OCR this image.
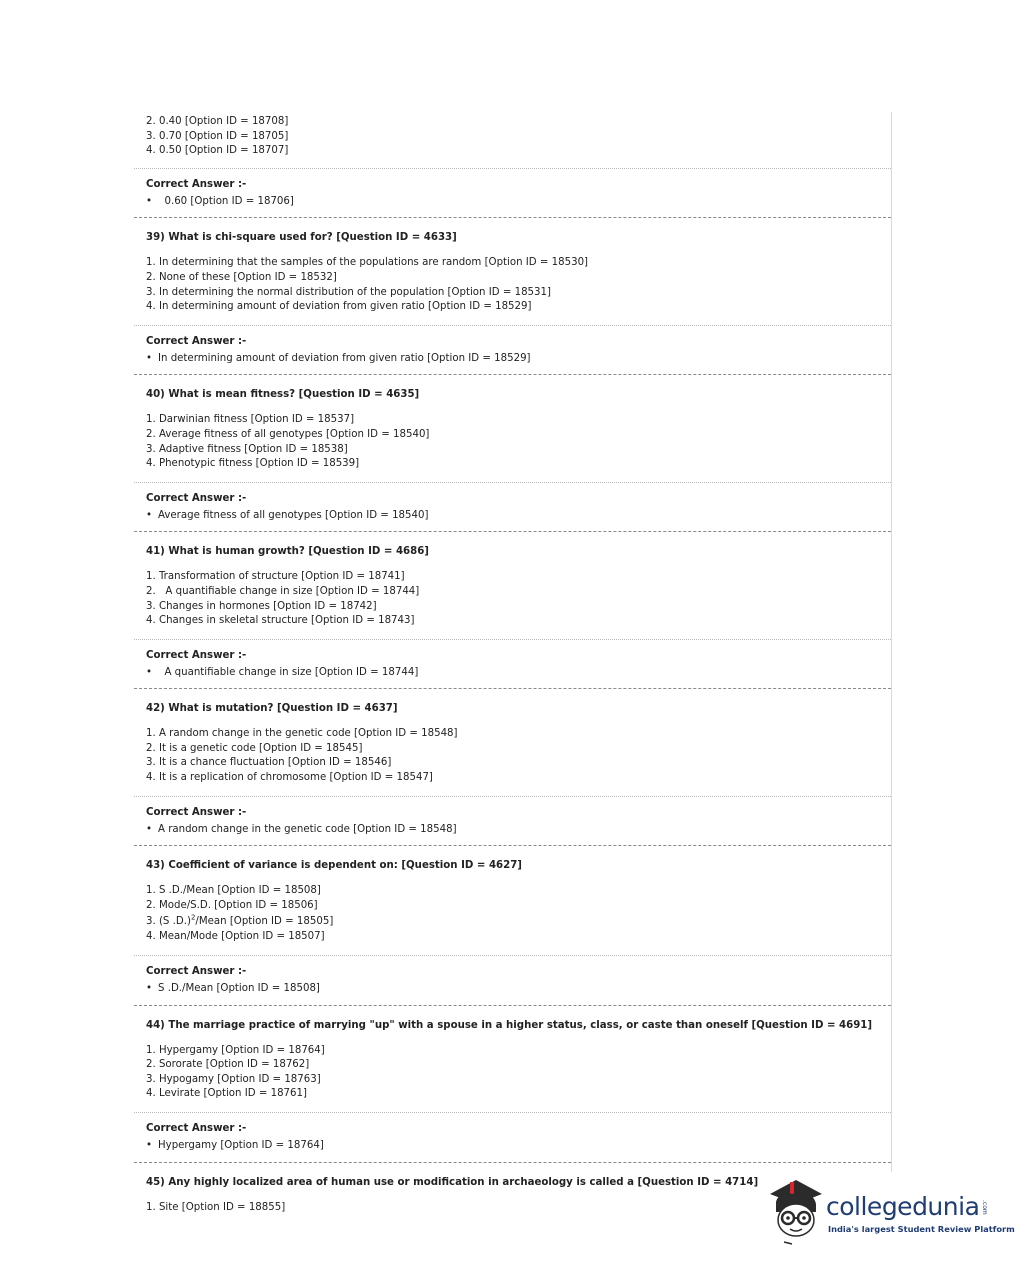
2. 0.40 [Option ID = 18708]
3. 0.70 [Option ID = 18705]
4. 0.50 [Option ID = 18707]
Correct Answer :-
• 0.60 [Option ID = 18706]
39) What is chi-square used for? [Question ID = 4633]
1. In determining that the samples of the populations are random [Option ID = 18530]
2. None of these [Option ID = 18532]
3. In determining the normal distribution of the population [Option ID = 18531]
4. In determining amount of deviation from given ratio [Option ID = 18529]
Correct Answer :-
• In determining amount of deviation from given ratio [Option ID = 18529]
40) What is mean fitness? [Question ID = 4635]
1. Darwinian fitness [Option ID = 18537]
2. Average fitness of all genotypes [Option ID = 18540]
3. Adaptive fitness [Option ID = 18538]
4. Phenotypic fitness [Option ID = 18539]
Correct Answer :-
• Average fitness of all genotypes [Option ID = 18540]
41) What is human growth? [Question ID = 4686]
1. Transformation of structure [Option ID = 18741]
2.   A quantifiable change in size [Option ID = 18744]
3. Changes in hormones [Option ID = 18742]
4. Changes in skeletal structure [Option ID = 18743]
Correct Answer :-
•  A quantifiable change in size [Option ID = 18744]
42) What is mutation? [Question ID = 4637]
1. A random change in the genetic code [Option ID = 18548]
2. It is a genetic code [Option ID = 18545]
3. It is a chance fluctuation [Option ID = 18546]
4. It is a replication of chromosome [Option ID = 18547]
Correct Answer :-
• A random change in the genetic code [Option ID = 18548]
43) Coefficient of variance is dependent on: [Question ID = 4627]
1. S .D./Mean [Option ID = 18508]
2. Mode/S.D. [Option ID = 18506]
3. (S .D.)$^2$/Mean [Option ID = 18505]
4. Mean/Mode [Option ID = 18507]
Correct Answer :-
• S .D./Mean [Option ID = 18508]
44) The marriage practice of marrying "up" with a spouse in a higher status, class, or caste than oneself [Question ID = 4691]
1. Hypergamy [Option ID = 18764]
2. Sororate [Option ID = 18762]
3. Hypogamy [Option ID = 18763]
4. Levirate [Option ID = 18761]
Correct Answer :-
• Hypergamy [Option ID = 18764]
45) Any highly localized area of human use or modification in archaeology is called a [Question ID = 4714]
1. Site [Option ID = 18855]	collegedunia .com
India's largest Student Review Platform
